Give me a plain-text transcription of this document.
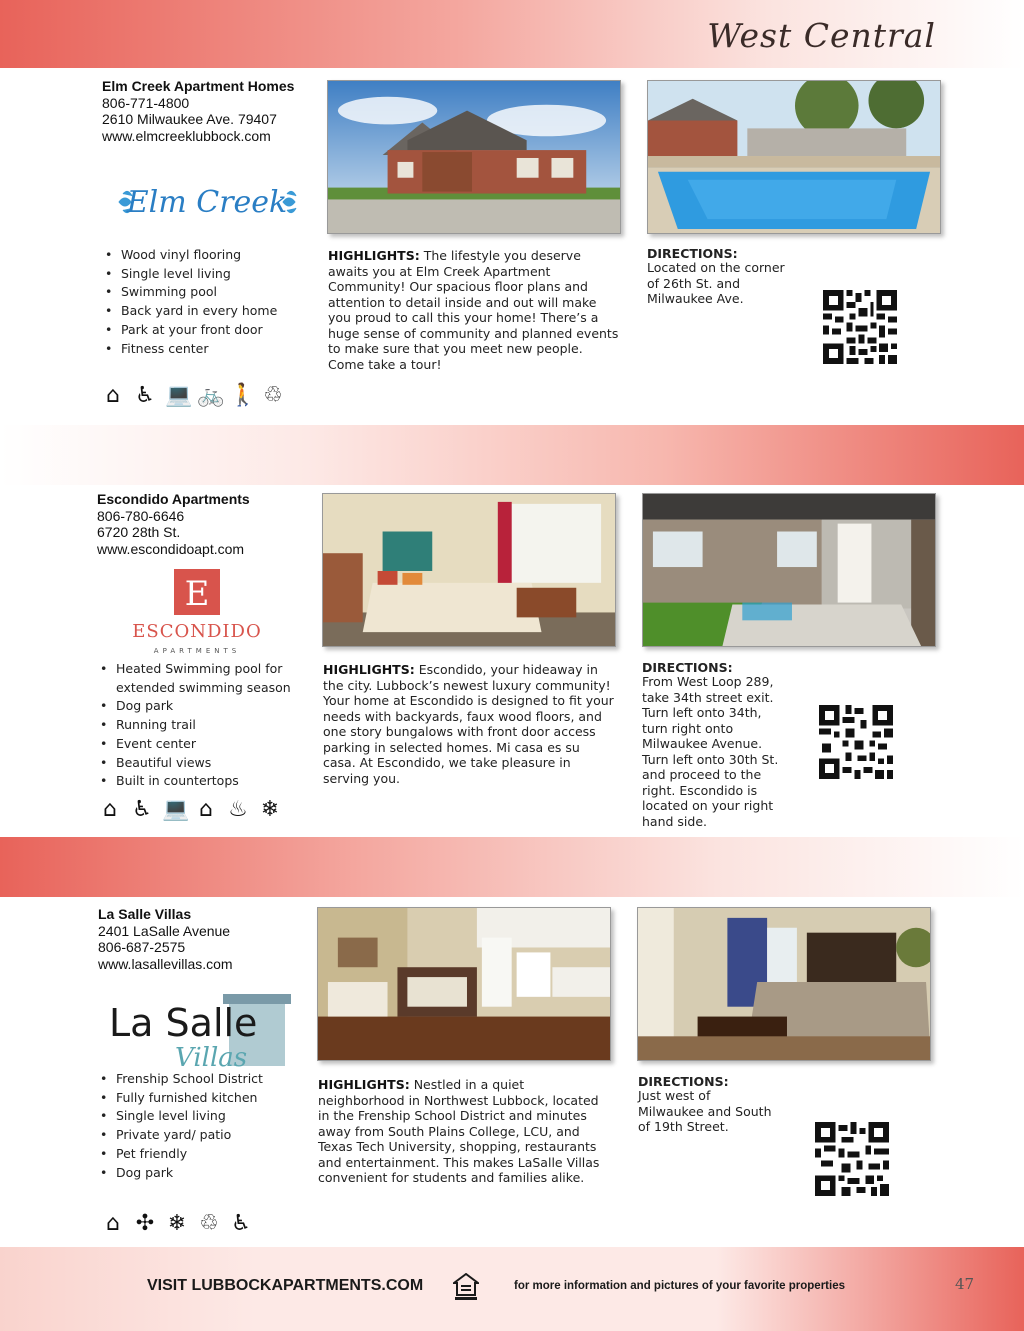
West Central
Elm Creek Apartment Homes
806-771-4800
2610 Milwaukee Ave. 79407
www.elmcreeklubbock.com
Elm Creek
• Wood vinyl flooring
• Single level living
• Swimming pool
• Back yard in every home
• Park at your front door
• Fitness center
HIGHLIGHTS: The lifestyle you deserve awaits you at Elm Creek Apartment Community! Our spacious floor plans and attention to detail inside and out will make you proud to call this your home! There’s a huge sense of community and planned events to make sure that you meet new people. Come take a tour!
DIRECTIONS:
Located on the corner of 26th St. and Milwaukee Ave.
⌂ ♿ 💻 🚲 🚶 ♲
Escondido Apartments
806-780-6646
6720 28th St.
www.escondidoapt.com
E
ESCONDIDO
APARTMENTS
• Heated Swimming pool for extended swimming season
• Dog park
• Running trail
• Event center
• Beautiful views
• Built in countertops
HIGHLIGHTS: Escondido, your hideaway in the city. Lubbock’s newest luxury community! Your home at Escondido is designed to fit your needs with backyards, faux wood floors, and one story bungalows with front door access parking in selected homes. Mi casa es su casa. At Escondido, we take pleasure in serving you.
DIRECTIONS:
From West Loop 289, take 34th street exit. Turn left onto 34th, turn right onto Milwaukee Avenue. Turn left onto 30th St. and proceed to the right. Escondido is located on your right hand side.
⌂ ♿ 💻 ⌂ ♨ ❄
La Salle Villas
2401 LaSalle Avenue
806-687-2575
www.lasallevillas.com
La Salle
Villas
• Frenship School District
• Fully furnished kitchen
• Single level living
• Private yard/ patio
• Pet friendly
• Dog park
HIGHLIGHTS: Nestled in a quiet neighborhood in Northwest Lubbock, located in the Frenship School District and minutes away from South Plains College, LCU, and Texas Tech University, shopping, restaurants and entertainment. This makes LaSalle Villas convenient for students and families alike.
DIRECTIONS:
Just west of Milwaukee and South of 19th Street.
⌂ ✣ ❄ ♲ ♿
VISIT LUBBOCKAPARTMENTS.COM	for more information and pictures of your favorite properties	47
